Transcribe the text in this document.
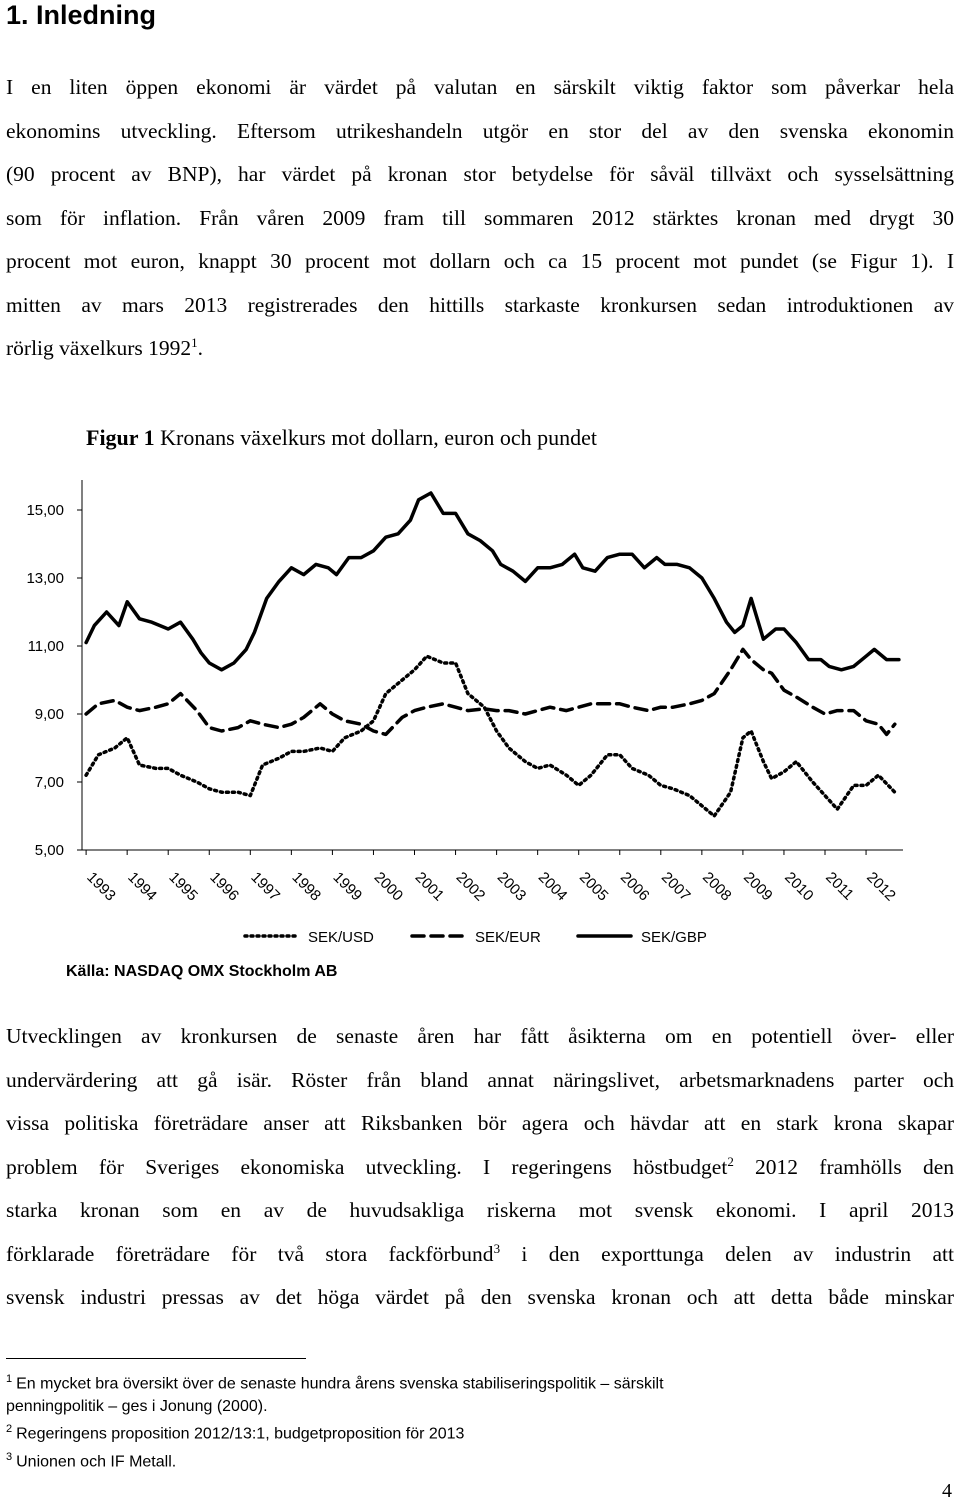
1. Inledning
I en liten öppen ekonomi är värdet på valutan en särskilt viktig faktor som påverkar hela
ekonomins utveckling. Eftersom utrikeshandeln utgör en stor del av den svenska ekonomin
(90 procent av BNP), har värdet på kronan stor betydelse för såväl tillväxt och sysselsättning
som för inflation. Från våren 2009 fram till sommaren 2012 stärktes kronan med drygt 30
procent mot euron, knappt 30 procent mot dollarn och ca 15 procent mot pundet (se Figur 1). I
mitten av mars 2013 registrerades den hittills starkaste kronkursen sedan introduktionen av
rörlig växelkurs 1992$^1$.
Figur 1 Kronans växelkurs mot dollarn, euron och pundet
15,00
13,00
11,00
9,00
7,00
5,00
1993 1994 1995 1996 1997 1998 1999 2000 2001 2002 2003 2004 2005 2006 2007 2008 2009 2010 2011 2012
SEK/USD	SEK/EUR	SEK/GBP
Källa: NASDAQ OMX Stockholm AB
Utvecklingen av kronkursen de senaste åren har fått åsikterna om en potentiell över- eller
undervärdering att gå isär. Röster från bland annat näringslivet, arbetsmarknadens parter och
vissa politiska företrädare anser att Riksbanken bör agera och hävdar att en stark krona skapar
problem för Sveriges ekonomiska utveckling. I regeringens höstbudget$^2$ 2012 framhölls den
starka kronan som en av de huvudsakliga riskerna mot svensk ekonomi. I april 2013
förklarade företrädare för två stora fackförbund$^3$ i den exporttunga delen av industrin att
svensk industri pressas av det höga värdet på den svenska kronan och att detta både minskar
$^1$ En mycket bra översikt över de senaste hundra årens svenska stabiliseringspolitik – särskilt
penningpolitik – ges i Jonung (2000).
$^2$ Regeringens proposition 2012/13:1, budgetproposition för 2013
$^3$ Unionen och IF Metall.
4
